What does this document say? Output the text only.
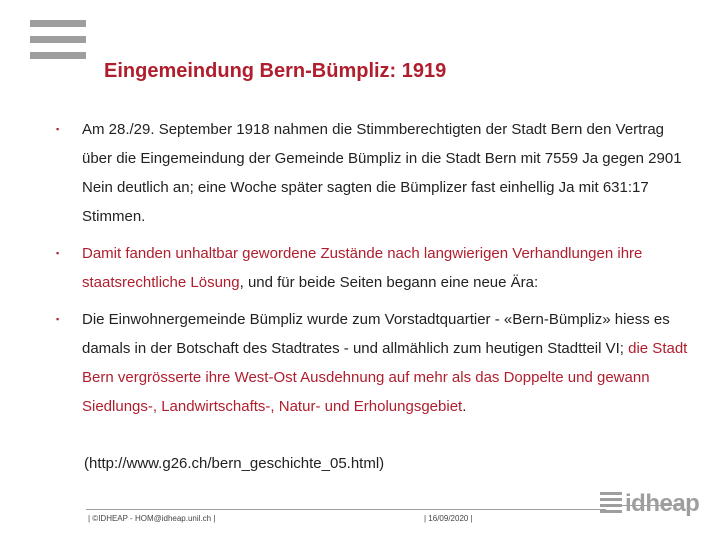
Eingemeindung Bern-Bümpliz: 1919
▪	Am 28./29. September 1918 nahmen die Stimmberechtigten der Stadt Bern den Vertrag über die Eingemeindung der Gemeinde Bümpliz in die Stadt Bern mit 7559 Ja gegen 2901 Nein deutlich an; eine Woche später sagten die Bümplizer fast einhellig Ja mit 631:17 Stimmen.
▪	Damit fanden unhaltbar gewordene Zustände nach langwierigen Verhandlungen ihre staatsrechtliche Lösung, und für beide Seiten begann eine neue Ära:
▪	Die Einwohnergemeinde Bümpliz wurde zum Vorstadtquartier - «Bern-Bümpliz» hiess es damals in der Botschaft des Stadtrates - und allmählich zum heutigen Stadtteil VI; die Stadt Bern vergrösserte ihre West-Ost Ausdehnung auf mehr als das Doppelte und gewann Siedlungs-, Landwirtschafts-, Natur- und Erholungsgebiet.
(http://www.g26.ch/bern_geschichte_05.html)
| ©IDHEAP - HOM@idheap.unil.ch |	| 16/09/2020 |
idheap
